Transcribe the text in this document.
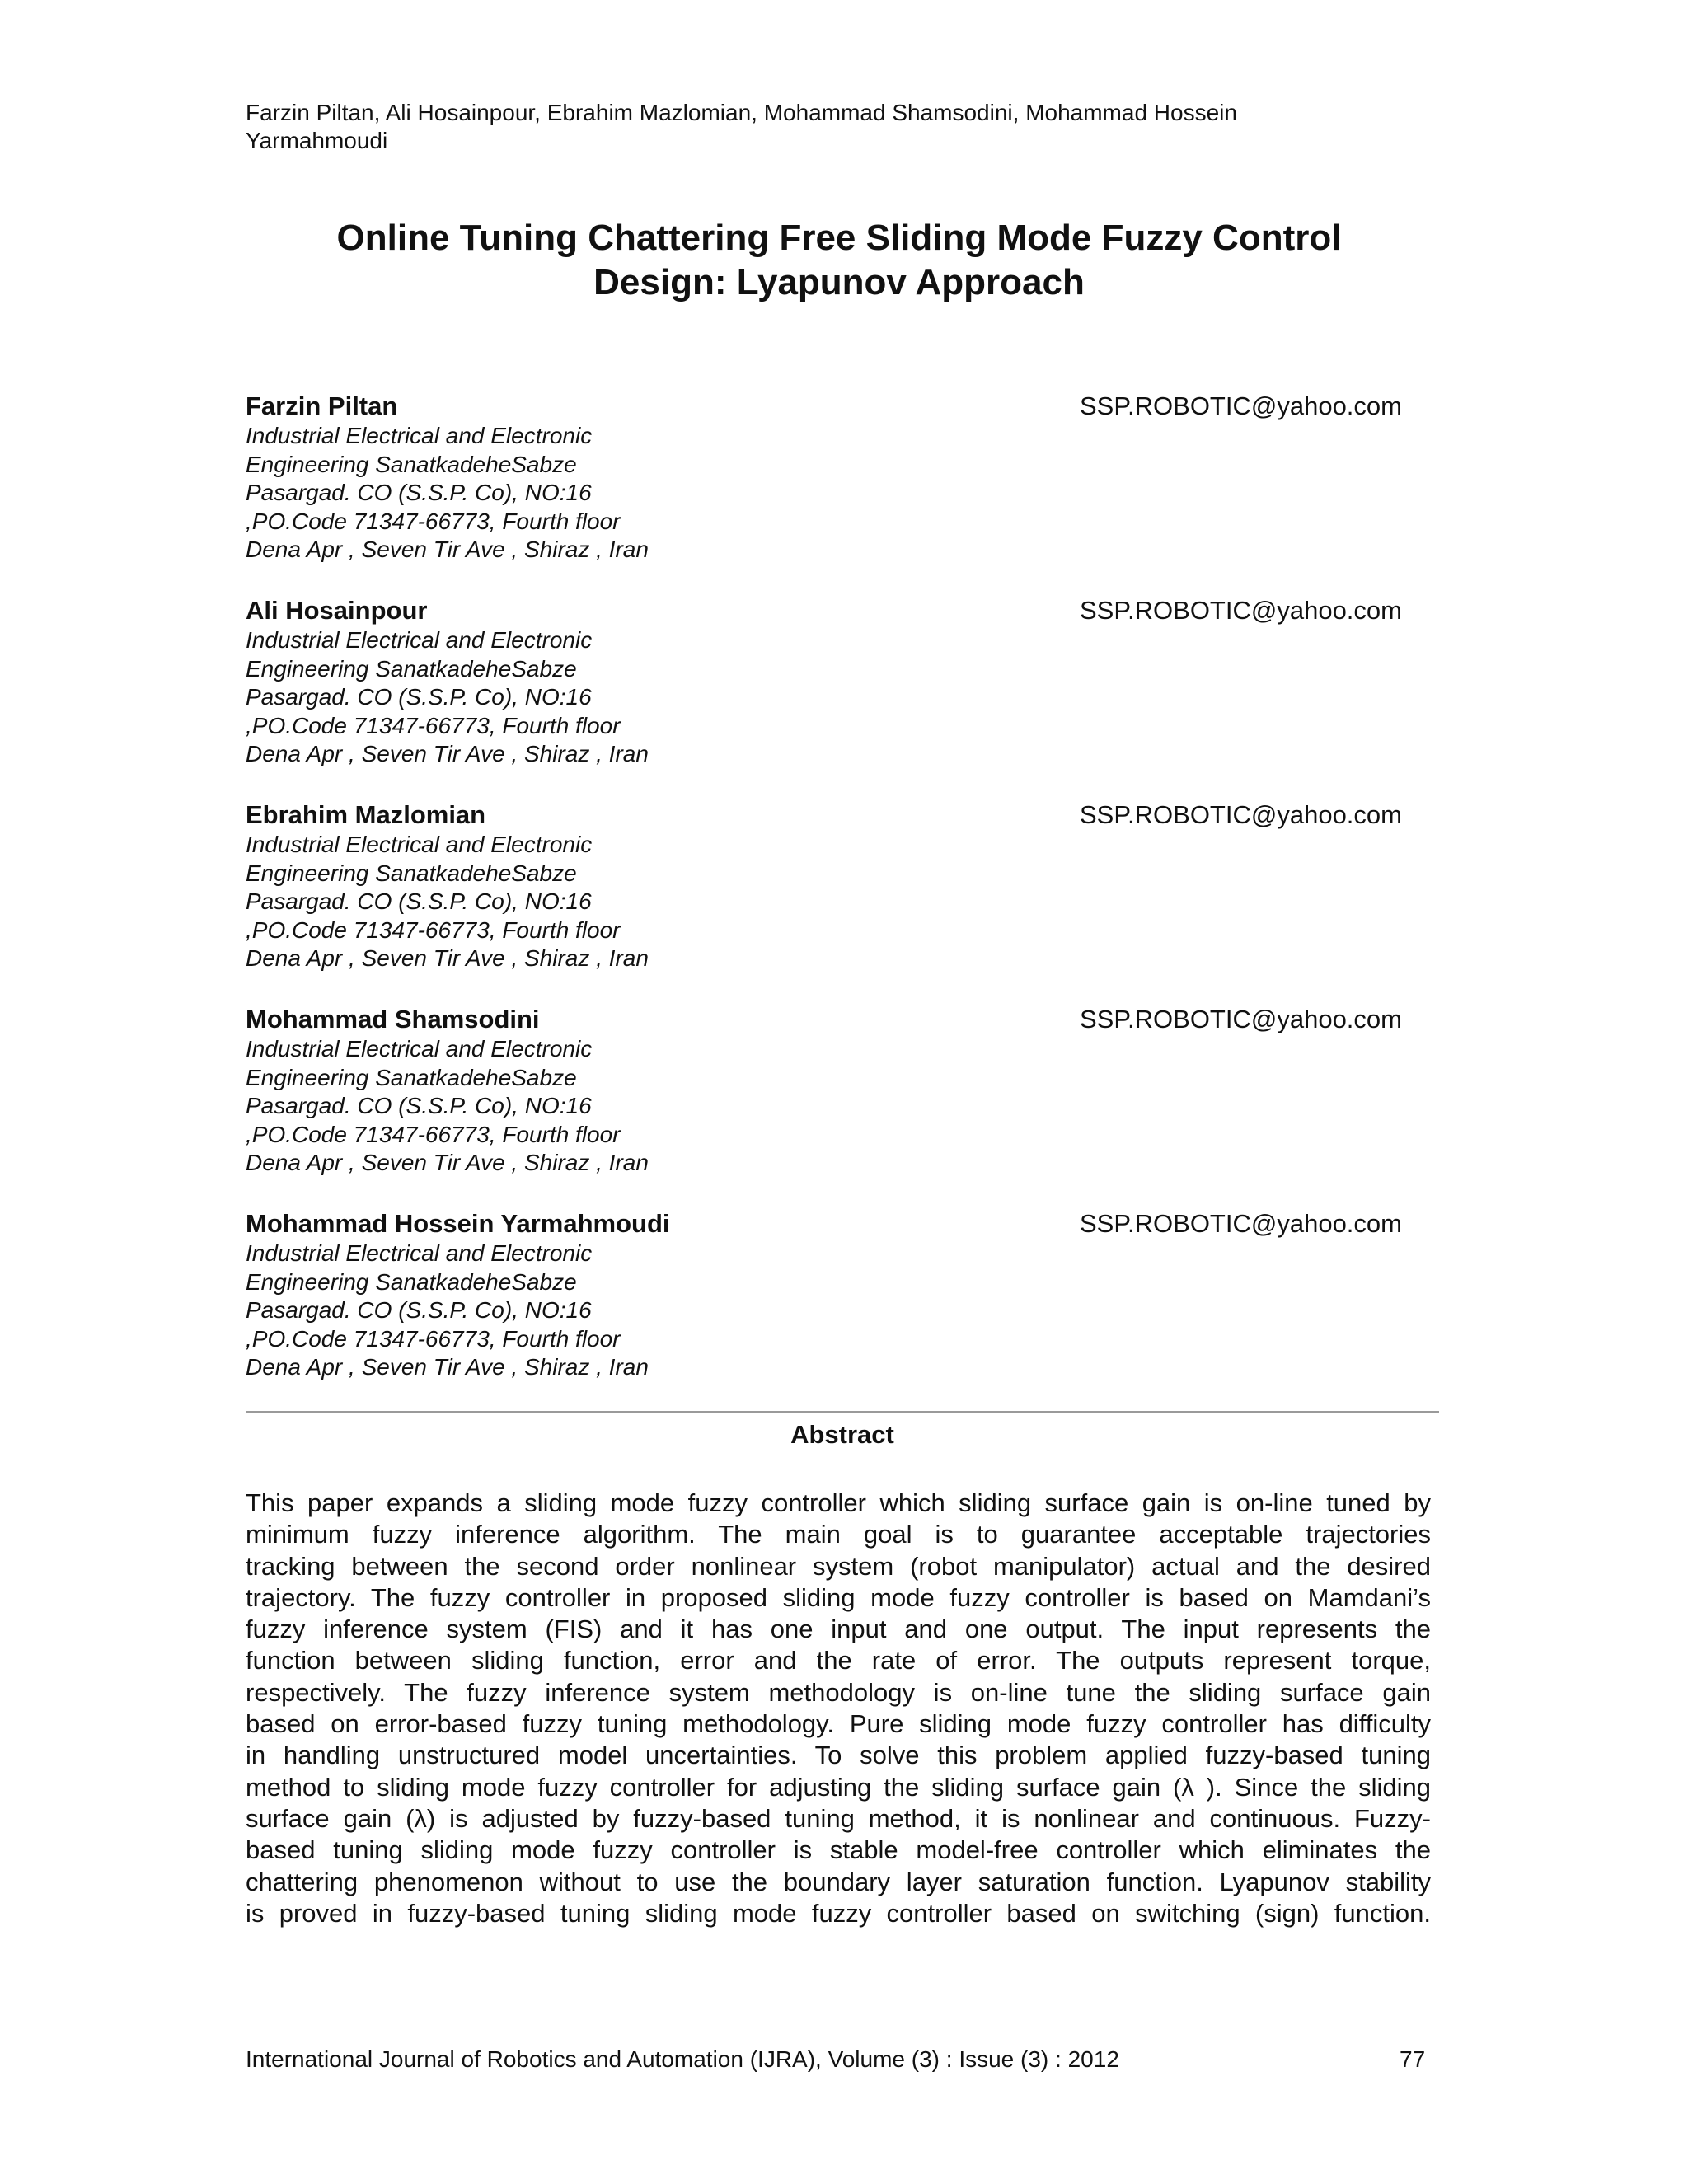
Farzin Piltan, Ali Hosainpour, Ebrahim Mazlomian, Mohammad Shamsodini, Mohammad Hossein
Yarmahmoudi
Online Tuning Chattering Free Sliding Mode Fuzzy Control
Design: Lyapunov Approach
Farzin Piltan	SSP.ROBOTIC@yahoo.com
Industrial Electrical and Electronic
Engineering SanatkadeheSabze
Pasargad. CO (S.S.P. Co), NO:16
,PO.Code 71347-66773, Fourth floor
Dena Apr , Seven Tir Ave , Shiraz , Iran
Ali Hosainpour	SSP.ROBOTIC@yahoo.com
Industrial Electrical and Electronic
Engineering SanatkadeheSabze
Pasargad. CO (S.S.P. Co), NO:16
,PO.Code 71347-66773, Fourth floor
Dena Apr , Seven Tir Ave , Shiraz , Iran
Ebrahim Mazlomian	SSP.ROBOTIC@yahoo.com
Industrial Electrical and Electronic
Engineering SanatkadeheSabze
Pasargad. CO (S.S.P. Co), NO:16
,PO.Code 71347-66773, Fourth floor
Dena Apr , Seven Tir Ave , Shiraz , Iran
Mohammad Shamsodini	SSP.ROBOTIC@yahoo.com
Industrial Electrical and Electronic
Engineering SanatkadeheSabze
Pasargad. CO (S.S.P. Co), NO:16
,PO.Code 71347-66773, Fourth floor
Dena Apr , Seven Tir Ave , Shiraz , Iran
Mohammad Hossein Yarmahmoudi	SSP.ROBOTIC@yahoo.com
Industrial Electrical and Electronic
Engineering SanatkadeheSabze
Pasargad. CO (S.S.P. Co), NO:16
,PO.Code 71347-66773, Fourth floor
Dena Apr , Seven Tir Ave , Shiraz , Iran
Abstract
This paper expands a sliding mode fuzzy controller which sliding surface gain is on-line tuned by
minimum fuzzy inference algorithm. The main goal is to guarantee acceptable trajectories
tracking between the second order nonlinear system (robot manipulator) actual and the desired
trajectory. The fuzzy controller in proposed sliding mode fuzzy controller is based on Mamdani’s
fuzzy inference system (FIS) and it has one input and one output. The input represents the
function between sliding function, error and the rate of error. The outputs represent torque,
respectively. The fuzzy inference system methodology is on-line tune the sliding surface gain
based on error-based fuzzy tuning methodology. Pure sliding mode fuzzy controller has difficulty
in handling unstructured model uncertainties. To solve this problem applied fuzzy-based tuning
method to sliding mode fuzzy controller for adjusting the sliding surface gain (λ ). Since the sliding
surface gain (λ) is adjusted by fuzzy-based tuning method, it is nonlinear and continuous. Fuzzy-
based tuning sliding mode fuzzy controller is stable model-free controller which eliminates the
chattering phenomenon without to use the boundary layer saturation function. Lyapunov stability
is proved in fuzzy-based tuning sliding mode fuzzy controller based on switching (sign) function.
International Journal of Robotics and Automation (IJRA), Volume (3) : Issue (3) : 2012	77
